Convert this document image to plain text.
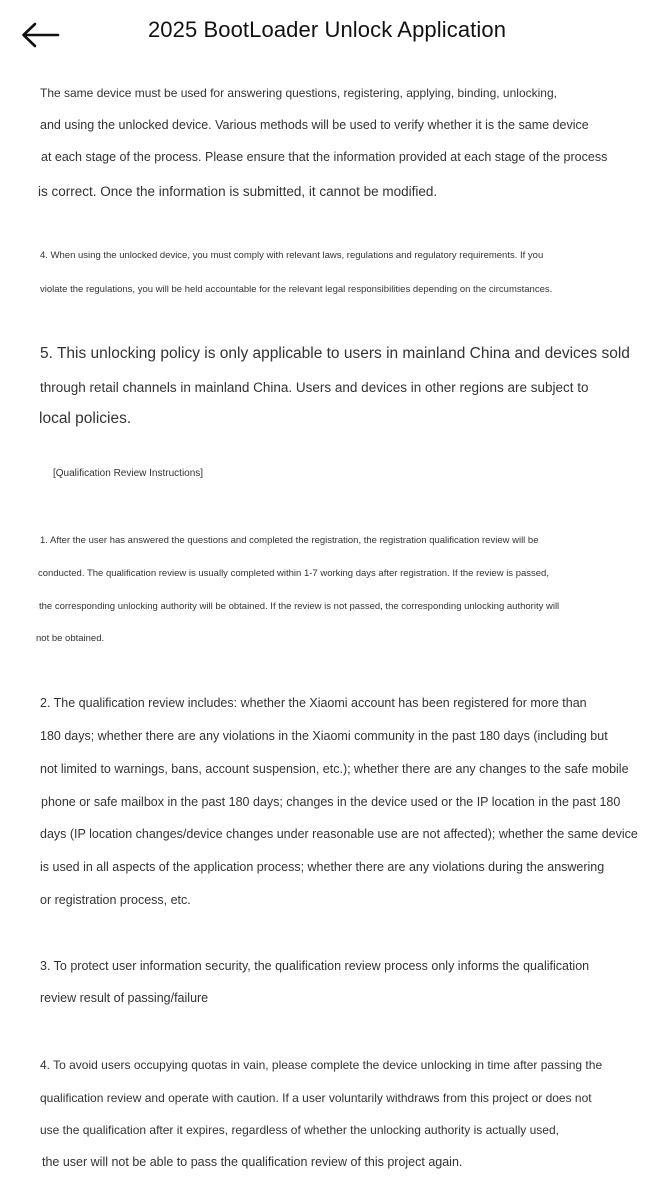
2025 BootLoader Unlock Application

The same device must be used for answering questions, registering, applying, binding, unlocking,

and using the unlocked device. Various methods will be used to verify whether it is the same device

at each stage of the process. Please ensure that the information provided at each stage of the process

is correct. Once the information is submitted, it cannot be modified.

4. When using the unlocked device, you must comply with relevant laws, regulations and regulatory requirements. If you

violate the regulations, you will be held accountable for the relevant legal responsibilities depending on the circumstances.

5. This unlocking policy is only applicable to users in mainland China and devices sold

through retail channels in mainland China. Users and devices in other regions are subject to

local policies.

[Qualification Review Instructions]

1. After the user has answered the questions and completed the registration, the registration qualification review will be

conducted. The qualification review is usually completed within 1-7 working days after registration. If the review is passed,

the corresponding unlocking authority will be obtained. If the review is not passed, the corresponding unlocking authority will

not be obtained.

2. The qualification review includes: whether the Xiaomi account has been registered for more than

180 days; whether there are any violations in the Xiaomi community in the past 180 days (including but

not limited to warnings, bans, account suspension, etc.); whether there are any changes to the safe mobile

phone or safe mailbox in the past 180 days; changes in the device used or the IP location in the past 180

days (IP location changes/device changes under reasonable use are not affected); whether the same device

is used in all aspects of the application process; whether there are any violations during the answering

or registration process, etc.

3. To protect user information security, the qualification review process only informs the qualification

review result of passing/failure

4. To avoid users occupying quotas in vain, please complete the device unlocking in time after passing the

qualification review and operate with caution. If a user voluntarily withdraws from this project or does not

use the qualification after it expires, regardless of whether the unlocking authority is actually used,

the user will not be able to pass the qualification review of this project again.
